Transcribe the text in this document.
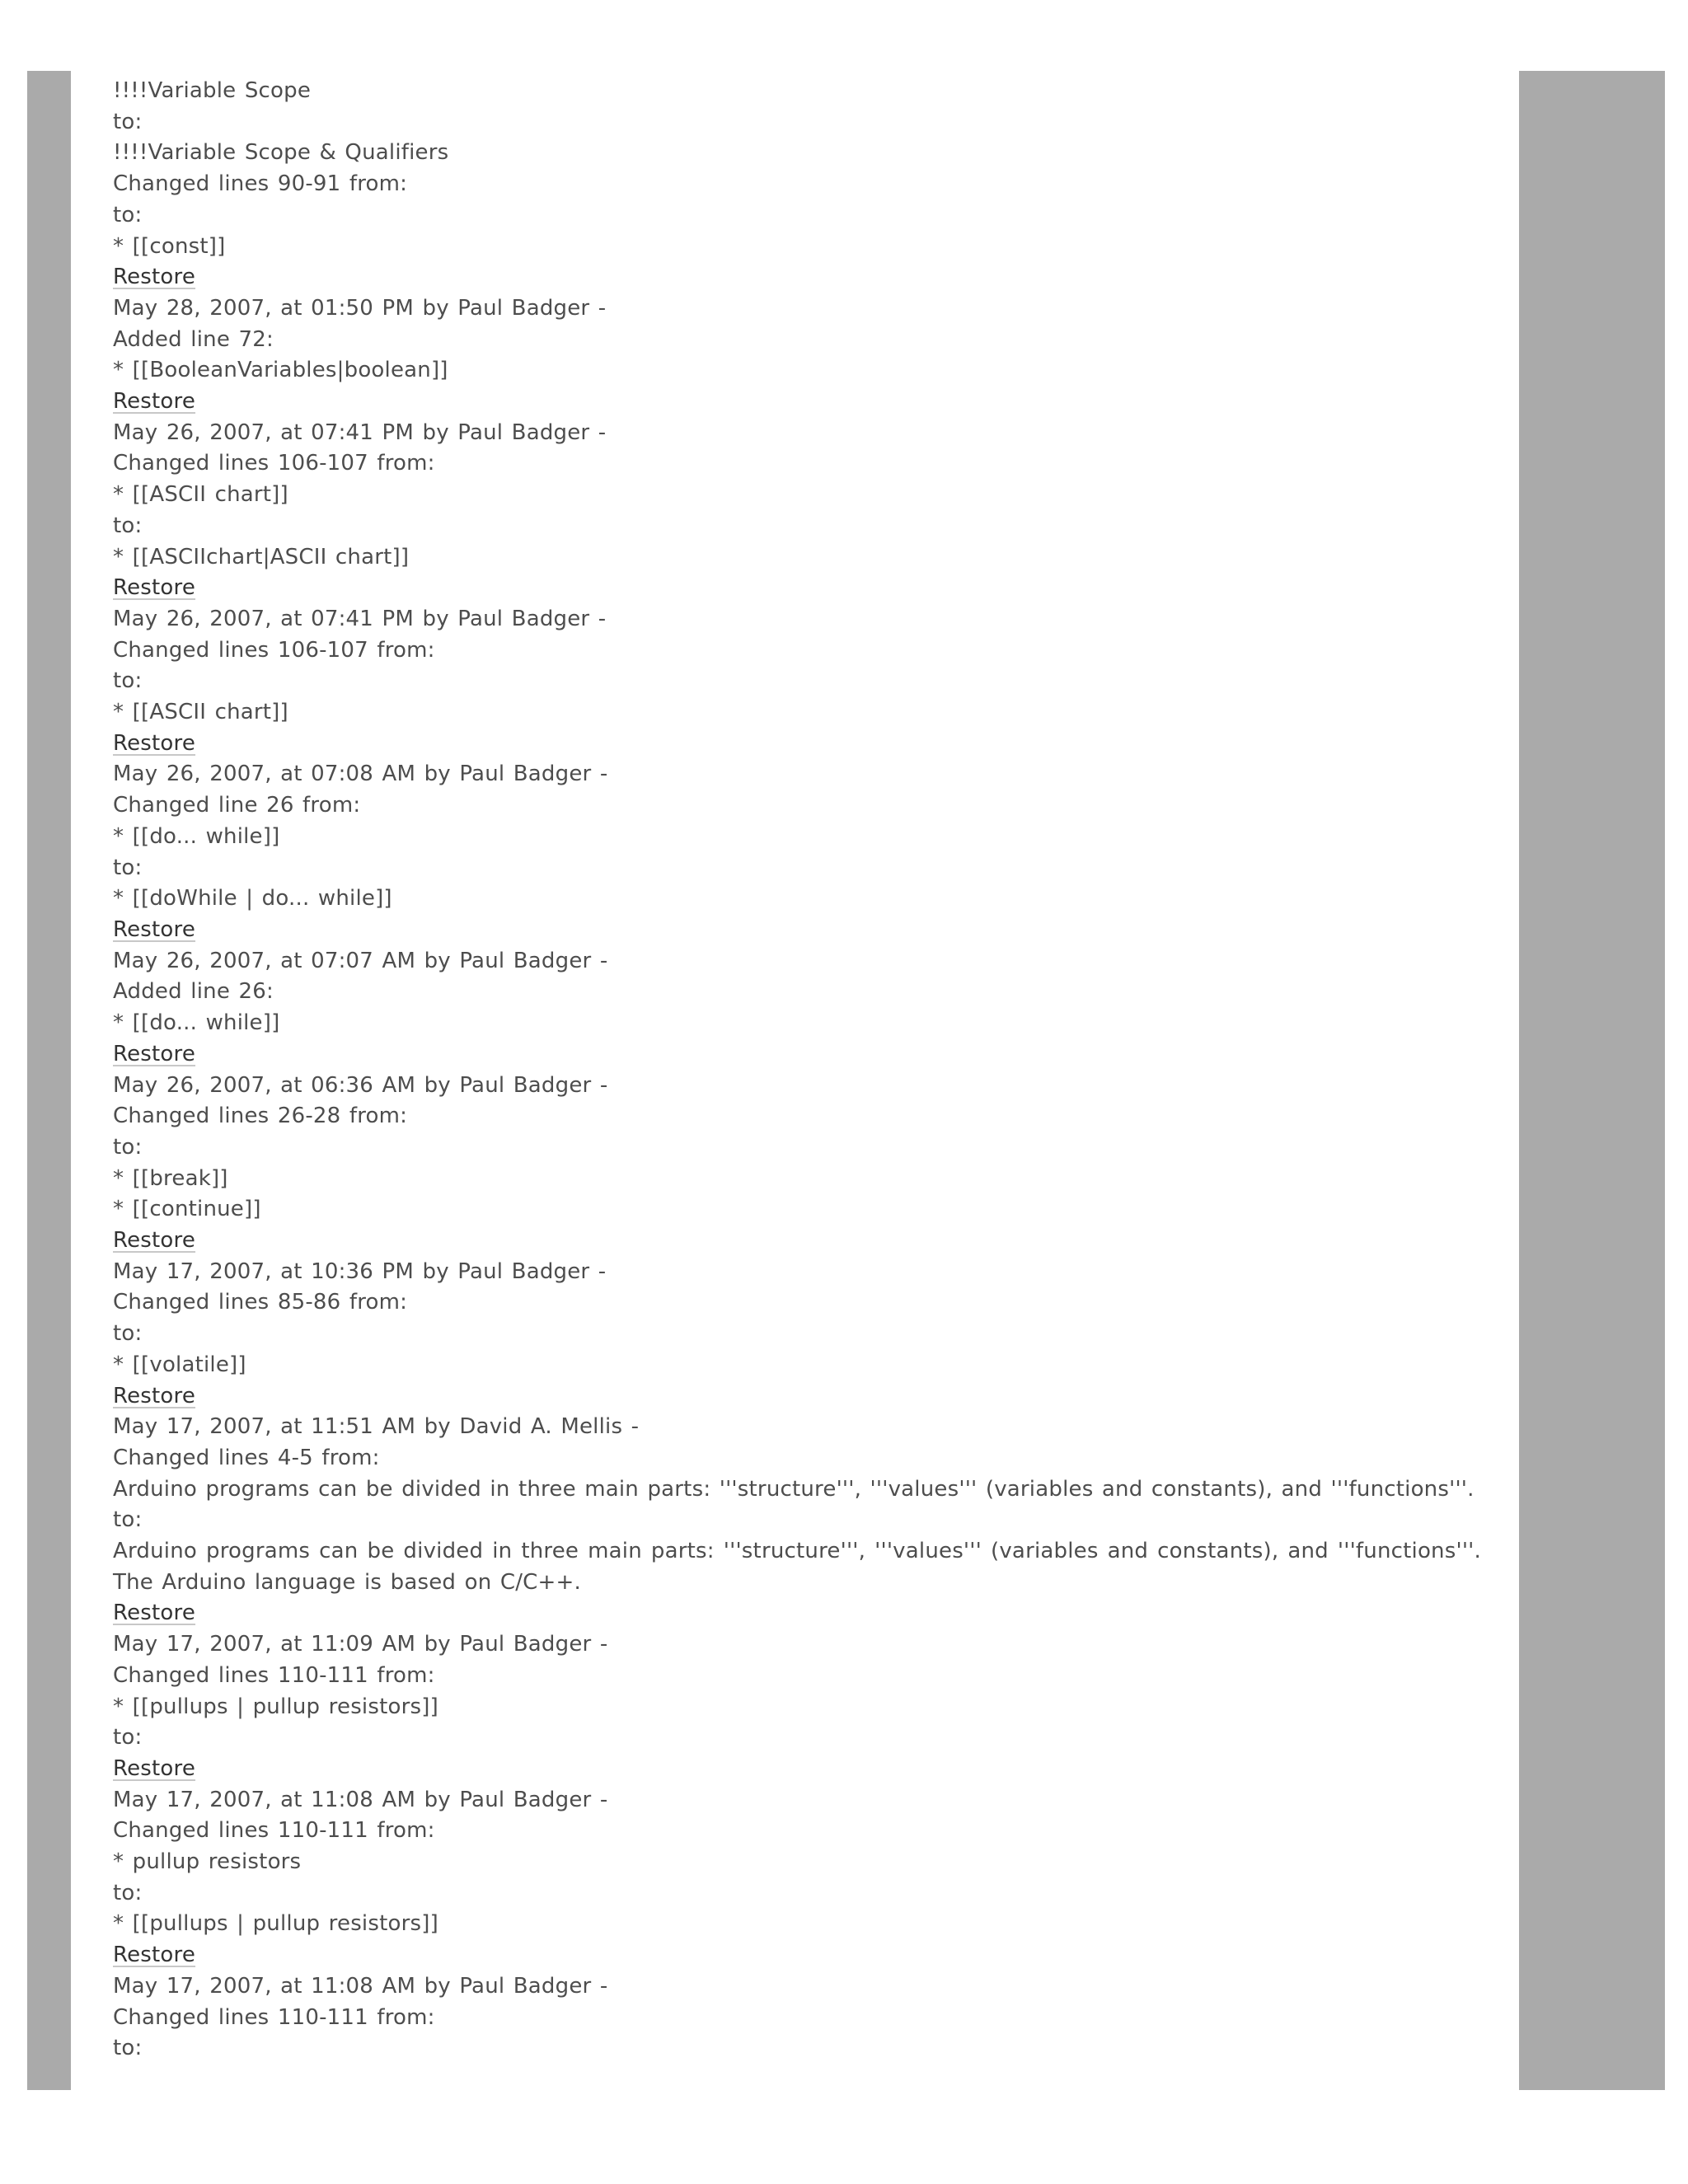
!!!!Variable Scope
to:
!!!!Variable Scope & Qualifiers
Changed lines 90-91 from:
to:
* [[const]]
Restore
May 28, 2007, at 01:50 PM by Paul Badger -
Added line 72:
* [[BooleanVariables|boolean]]
Restore
May 26, 2007, at 07:41 PM by Paul Badger -
Changed lines 106-107 from:
* [[ASCII chart]]
to:
* [[ASCIIchart|ASCII chart]]
Restore
May 26, 2007, at 07:41 PM by Paul Badger -
Changed lines 106-107 from:
to:
* [[ASCII chart]]
Restore
May 26, 2007, at 07:08 AM by Paul Badger -
Changed line 26 from:
* [[do... while]]
to:
* [[doWhile | do... while]]
Restore
May 26, 2007, at 07:07 AM by Paul Badger -
Added line 26:
* [[do... while]]
Restore
May 26, 2007, at 06:36 AM by Paul Badger -
Changed lines 26-28 from:
to:
* [[break]]
* [[continue]]
Restore
May 17, 2007, at 10:36 PM by Paul Badger -
Changed lines 85-86 from:
to:
* [[volatile]]
Restore
May 17, 2007, at 11:51 AM by David A. Mellis -
Changed lines 4-5 from:
Arduino programs can be divided in three main parts: '''structure''', '''values''' (variables and constants), and '''functions'''.
to:
Arduino programs can be divided in three main parts: '''structure''', '''values''' (variables and constants), and '''functions'''. The Arduino language is based on C/C++.
Restore
May 17, 2007, at 11:09 AM by Paul Badger -
Changed lines 110-111 from:
* [[pullups | pullup resistors]]
to:
Restore
May 17, 2007, at 11:08 AM by Paul Badger -
Changed lines 110-111 from:
* pullup resistors
to:
* [[pullups | pullup resistors]]
Restore
May 17, 2007, at 11:08 AM by Paul Badger -
Changed lines 110-111 from:
to:
